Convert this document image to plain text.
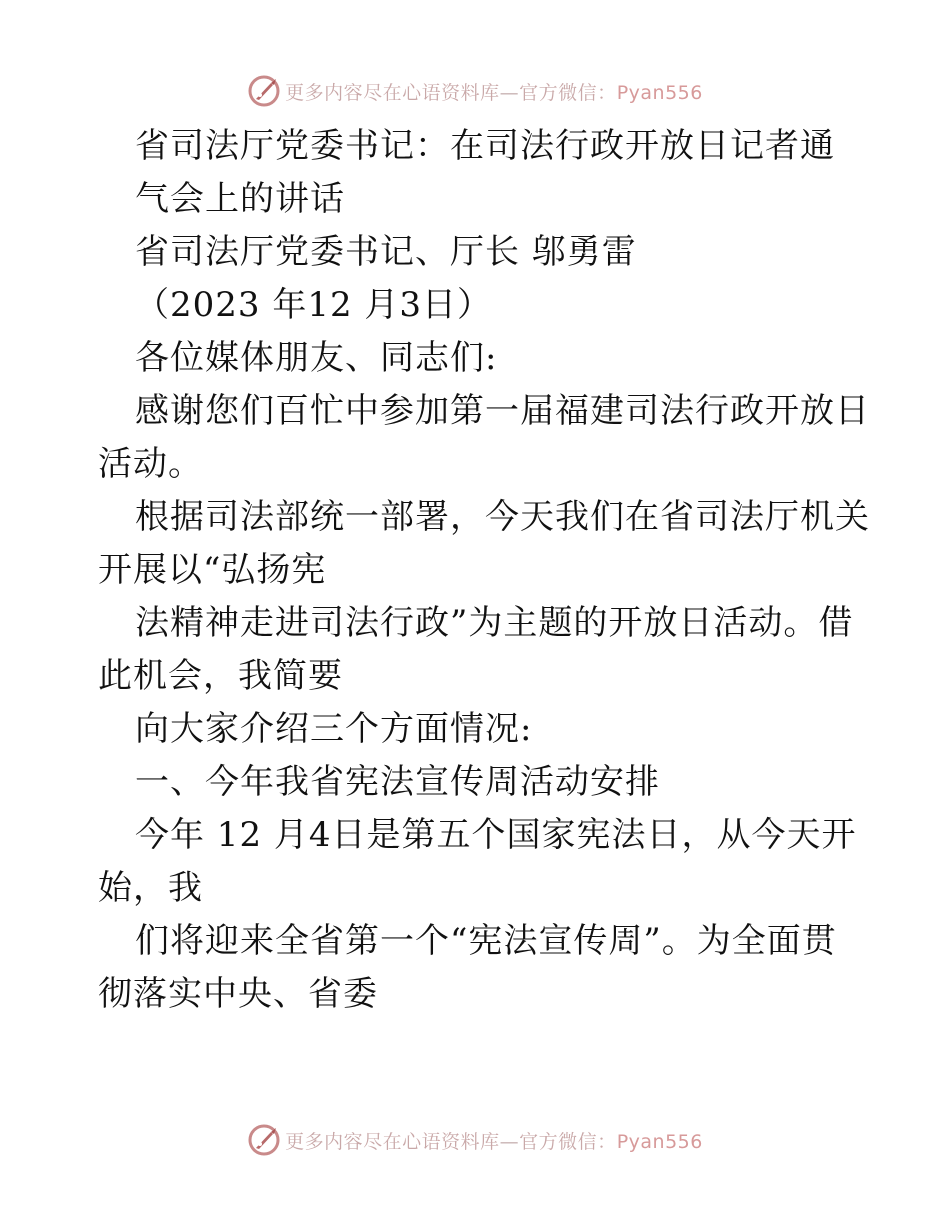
更多内容尽在心语资料库—官方微信：Pyan556

省司法厅党委书记：在司法行政开放日记者通

气会上的讲话

省司法厅党委书记、厅长 邬勇雷

（2023 年12 月3日）

各位媒体朋友、同志们:

感谢您们百忙中参加第一届福建司法行政开放日

活动。

根据司法部统一部署，今天我们在省司法厅机关

开展以“弘扬宪

法精神走进司法行政”为主题的开放日活动。借

此机会，我简要

向大家介绍三个方面情况:

一、今年我省宪法宣传周活动安排

今年 12 月4日是第五个国家宪法日，从今天开

始，我

们将迎来全省第一个“宪法宣传周”。为全面贯

彻落实中央、省委

更多内容尽在心语资料库—官方微信：Pyan556
